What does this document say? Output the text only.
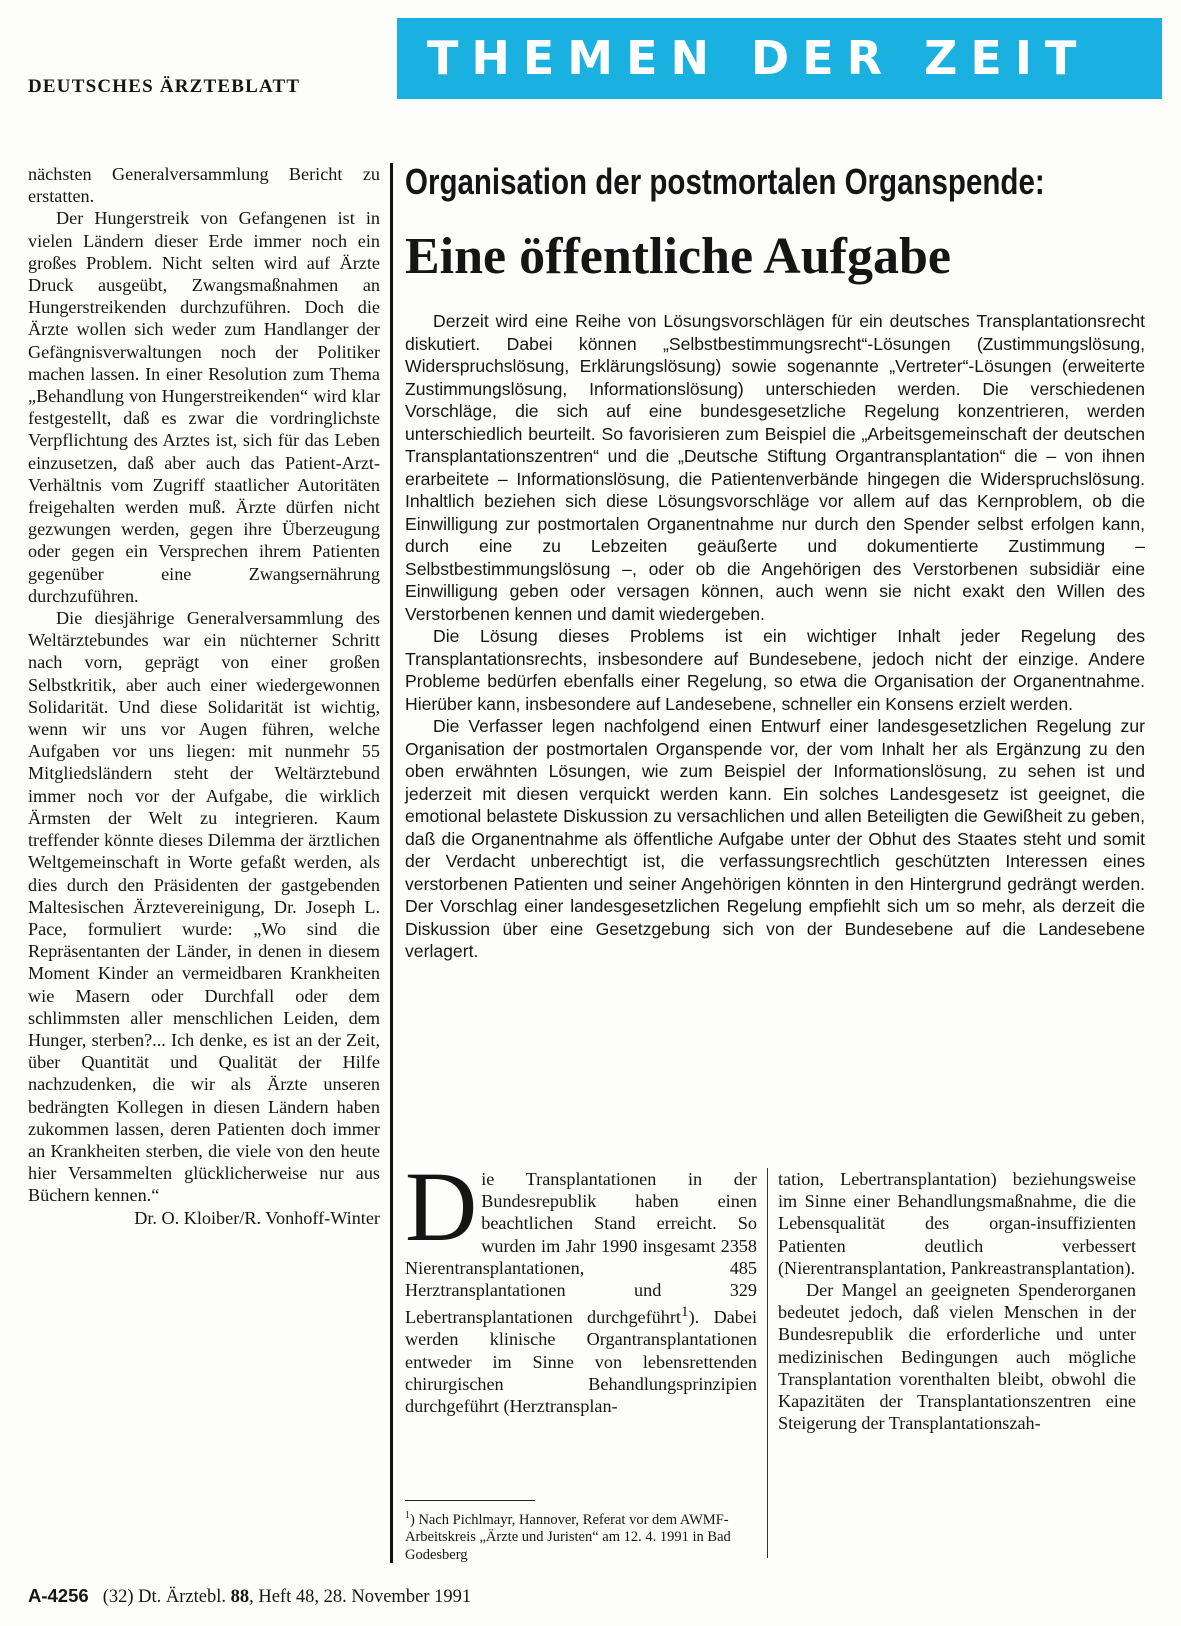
DEUTSCHES ÄRZTEBLATT
THEMEN DER ZEIT

nächsten Generalversammlung Bericht zu erstatten.

Der Hungerstreik von Gefangenen ist in vielen Ländern dieser Erde immer noch ein großes Problem. Nicht selten wird auf Ärzte Druck ausgeübt, Zwangsmaßnahmen an Hungerstreikenden durchzuführen. Doch die Ärzte wollen sich weder zum Handlanger der Gefängnisverwaltungen noch der Politiker machen lassen. In einer Resolution zum Thema „Behandlung von Hungerstreikenden“ wird klar festgestellt, daß es zwar die vordringlichste Verpflichtung des Arztes ist, sich für das Leben einzusetzen, daß aber auch das Patient-Arzt-Verhältnis vom Zugriff staatlicher Autoritäten freigehalten werden muß. Ärzte dürfen nicht gezwungen werden, gegen ihre Überzeugung oder gegen ein Versprechen ihrem Patienten gegenüber eine Zwangsernährung durchzuführen.

Die diesjährige Generalversammlung des Weltärztebundes war ein nüchterner Schritt nach vorn, geprägt von einer großen Selbstkritik, aber auch einer wiedergewonnen Solidarität. Und diese Solidarität ist wichtig, wenn wir uns vor Augen führen, welche Aufgaben vor uns liegen: mit nunmehr 55 Mitgliedsländern steht der Weltärztebund immer noch vor der Aufgabe, die wirklich Ärmsten der Welt zu integrieren. Kaum treffender könnte dieses Dilemma der ärztlichen Weltgemeinschaft in Worte gefaßt werden, als dies durch den Präsidenten der gastgebenden Maltesischen Ärztevereinigung, Dr. Joseph L. Pace, formuliert wurde: „Wo sind die Repräsentanten der Länder, in denen in diesem Moment Kinder an vermeidbaren Krankheiten wie Masern oder Durchfall oder dem schlimmsten aller menschlichen Leiden, dem Hunger, sterben?... Ich denke, es ist an der Zeit, über Quantität und Qualität der Hilfe nachzudenken, die wir als Ärzte unseren bedrängten Kollegen in diesen Ländern haben zukommen lassen, deren Patienten doch immer an Krankheiten sterben, die viele von den heute hier Versammelten glücklicherweise nur aus Büchern kennen.“

Dr. O. Kloiber/R. Vonhoff-Winter

Organisation der postmortalen Organspende:
Eine öffentliche Aufgabe

Derzeit wird eine Reihe von Lösungsvorschlägen für ein deutsches Transplantationsrecht diskutiert. Dabei können „Selbstbestimmungsrecht“-Lösungen (Zustimmungslösung, Widerspruchslösung, Erklärungslösung) sowie sogenannte „Vertreter“-Lösungen (erweiterte Zustimmungslösung, Informationslösung) unterschieden werden. Die verschiedenen Vorschläge, die sich auf eine bundesgesetzliche Regelung konzentrieren, werden unterschiedlich beurteilt. So favorisieren zum Beispiel die „Arbeitsgemeinschaft der deutschen Transplantationszentren“ und die „Deutsche Stiftung Organtransplantation“ die – von ihnen erarbeitete – Informationslösung, die Patientenverbände hingegen die Widerspruchslösung. Inhaltlich beziehen sich diese Lösungsvorschläge vor allem auf das Kernproblem, ob die Einwilligung zur postmortalen Organentnahme nur durch den Spender selbst erfolgen kann, durch eine zu Lebzeiten geäußerte und dokumentierte Zustimmung – Selbstbestimmungslösung –, oder ob die Angehörigen des Verstorbenen subsidiär eine Einwilligung geben oder versagen können, auch wenn sie nicht exakt den Willen des Verstorbenen kennen und damit wiedergeben.

Die Lösung dieses Problems ist ein wichtiger Inhalt jeder Regelung des Transplantationsrechts, insbesondere auf Bundesebene, jedoch nicht der einzige. Andere Probleme bedürfen ebenfalls einer Regelung, so etwa die Organisation der Organentnahme. Hierüber kann, insbesondere auf Landesebene, schneller ein Konsens erzielt werden.

Die Verfasser legen nachfolgend einen Entwurf einer landesgesetzlichen Regelung zur Organisation der postmortalen Organspende vor, der vom Inhalt her als Ergänzung zu den oben erwähnten Lösungen, wie zum Beispiel der Informationslösung, zu sehen ist und jederzeit mit diesen verquickt werden kann. Ein solches Landesgesetz ist geeignet, die emotional belastete Diskussion zu versachlichen und allen Beteiligten die Gewißheit zu geben, daß die Organentnahme als öffentliche Aufgabe unter der Obhut des Staates steht und somit der Verdacht unberechtigt ist, die verfassungsrechtlich geschützten Interessen eines verstorbenen Patienten und seiner Angehörigen könnten in den Hintergrund gedrängt werden. Der Vorschlag einer landesgesetzlichen Regelung empfiehlt sich um so mehr, als derzeit die Diskussion über eine Gesetzgebung sich von der Bundesebene auf die Landesebene verlagert.

Die Transplantationen in der Bundesrepublik haben einen beachtlichen Stand erreicht. So wurden im Jahr 1990 insgesamt 2358 Nierentransplantationen, 485 Herztransplantationen und 329 Lebertransplantationen durchgeführt$^1$). Dabei werden klinische Organtransplantationen entweder im Sinne von lebensrettenden chirurgischen Behandlungsprinzipien durchgeführt (Herztransplan-

tation, Lebertransplantation) beziehungsweise im Sinne einer Behandlungsmaßnahme, die die Lebensqualität des organ-insuffizienten Patienten deutlich verbessert (Nierentransplantation, Pankreastransplantation).

Der Mangel an geeigneten Spenderorganen bedeutet jedoch, daß vielen Menschen in der Bundesrepublik die erforderliche und unter medizinischen Bedingungen auch mögliche Transplantation vorenthalten bleibt, obwohl die Kapazitäten der Transplantationszentren eine Steigerung der Transplantationszah-

$^1$) Nach Pichlmayr, Hannover, Referat vor dem AWMF-Arbeitskreis „Ärzte und Juristen“ am 12. 4. 1991 in Bad Godesberg
A-4256 (32) Dt. Ärztebl. 88, Heft 48, 28. November 1991
